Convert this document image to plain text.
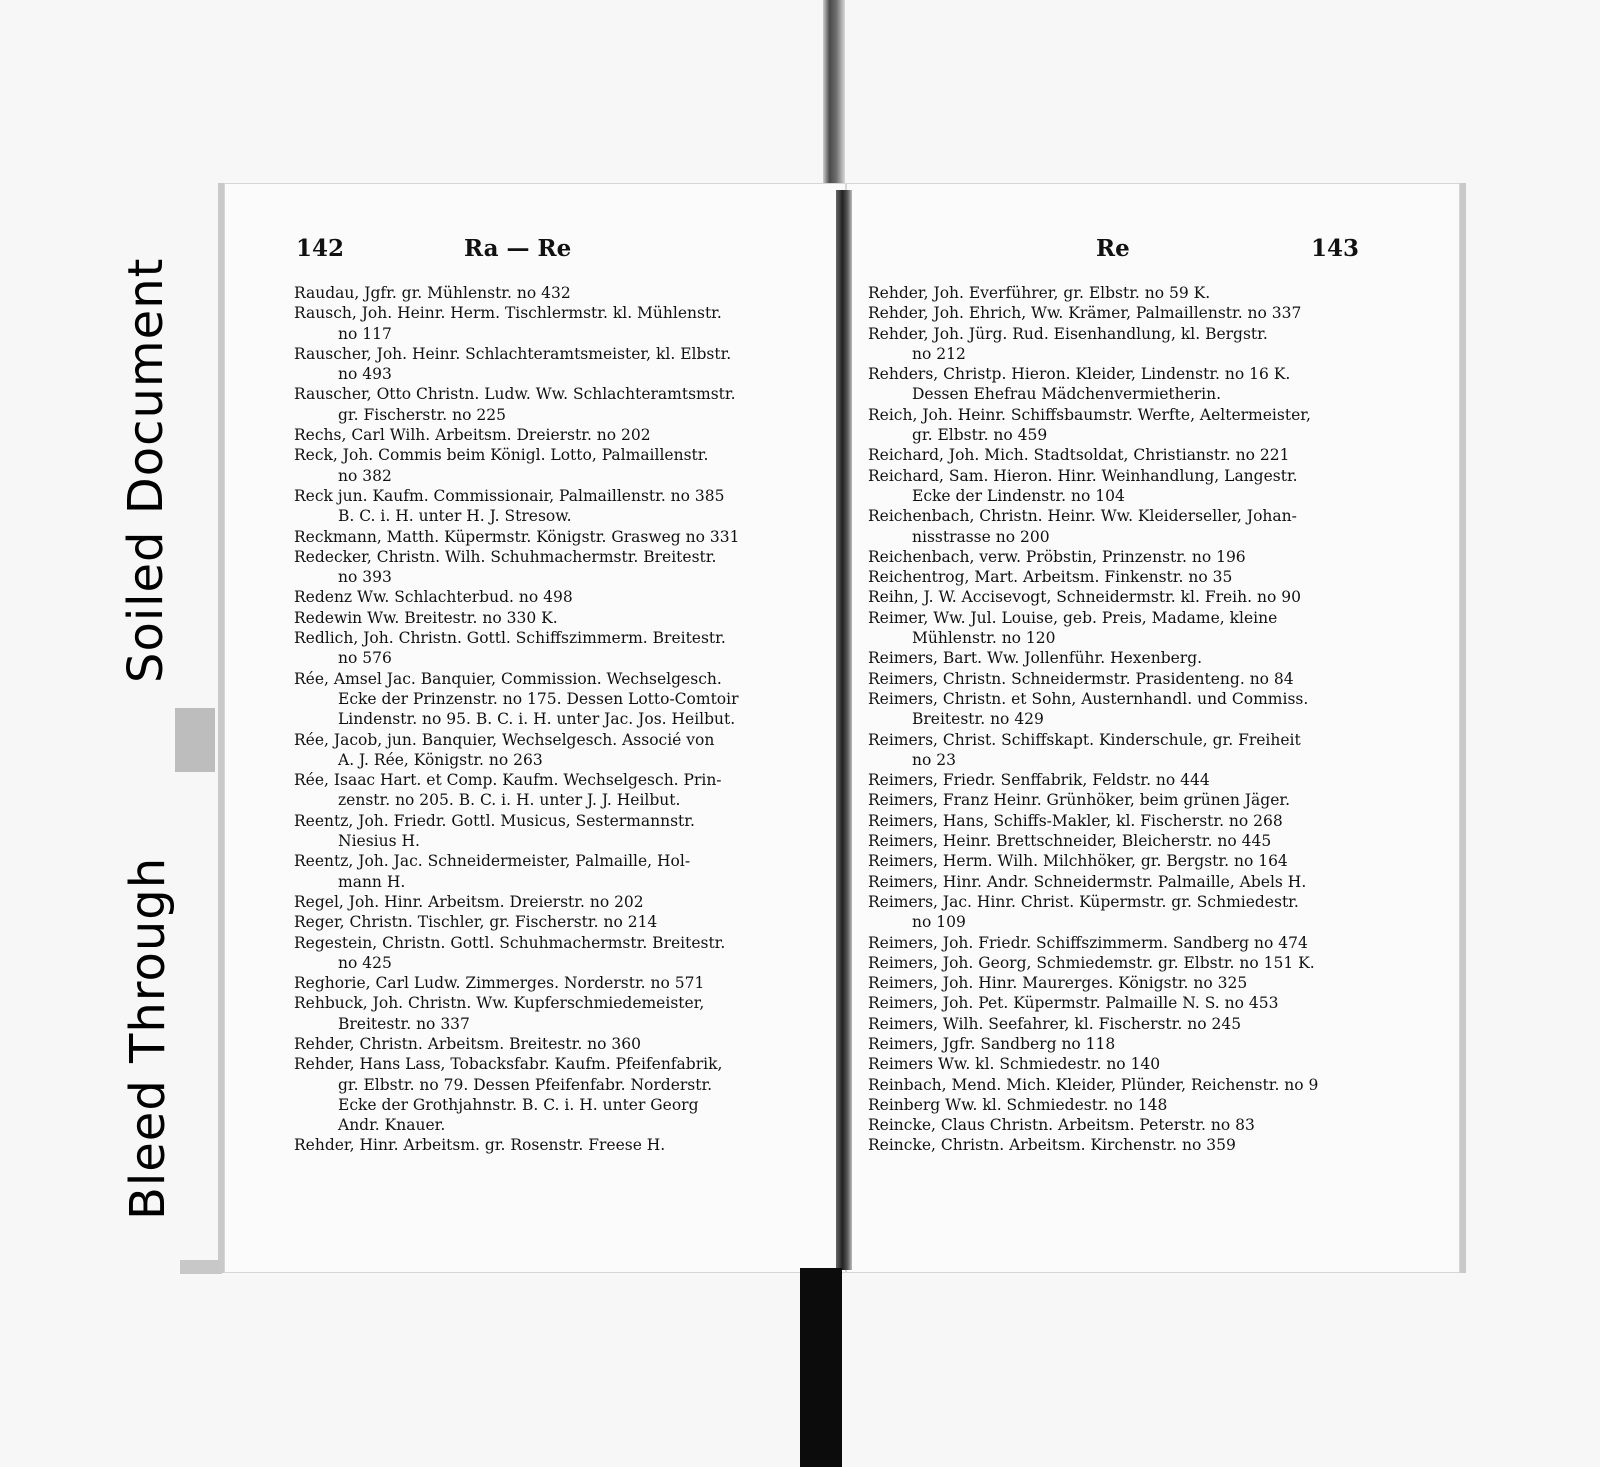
Bleed Through
Soiled Document
142	Ra — Re
Raudau, Jgfr. gr. Mühlenstr. no 432
Rausch, Joh. Heinr. Herm. Tischlermstr. kl. Mühlenstr.
no 117
Rauscher, Joh. Heinr. Schlachteramtsmeister, kl. Elbstr.
no 493
Rauscher, Otto Christn. Ludw. Ww. Schlachteramtsmstr.
gr. Fischerstr. no 225
Rechs, Carl Wilh. Arbeitsm. Dreierstr. no 202
Reck, Joh. Commis beim Königl. Lotto, Palmaillenstr.
no 382
Reck jun. Kaufm. Commissionair, Palmaillenstr. no 385
B. C. i. H. unter H. J. Stresow.
Reckmann, Matth. Küpermstr. Königstr. Grasweg no 331
Redecker, Christn. Wilh. Schuhmachermstr. Breitestr.
no 393
Redenz Ww. Schlachterbud. no 498
Redewin Ww. Breitestr. no 330 K.
Redlich, Joh. Christn. Gottl. Schiffszimmerm. Breitestr.
no 576
Rée, Amsel Jac. Banquier, Commission. Wechselgesch.
Ecke der Prinzenstr. no 175. Dessen Lotto-Comtoir
Lindenstr. no 95. B. C. i. H. unter Jac. Jos. Heilbut.
Rée, Jacob, jun. Banquier, Wechselgesch. Associé von
A. J. Rée, Königstr. no 263
Rée, Isaac Hart. et Comp. Kaufm. Wechselgesch. Prin-
zenstr. no 205. B. C. i. H. unter J. J. Heilbut.
Reentz, Joh. Friedr. Gottl. Musicus, Sestermannstr.
Niesius H.
Reentz, Joh. Jac. Schneidermeister, Palmaille, Hol-
mann H.
Regel, Joh. Hinr. Arbeitsm. Dreierstr. no 202
Reger, Christn. Tischler, gr. Fischerstr. no 214
Regestein, Christn. Gottl. Schuhmachermstr. Breitestr.
no 425
Reghorie, Carl Ludw. Zimmerges. Norderstr. no 571
Rehbuck, Joh. Christn. Ww. Kupferschmiedemeister,
Breitestr. no 337
Rehder, Christn. Arbeitsm. Breitestr. no 360
Rehder, Hans Lass, Tobacksfabr. Kaufm. Pfeifenfabrik,
gr. Elbstr. no 79. Dessen Pfeifenfabr. Norderstr.
Ecke der Grothjahnstr. B. C. i. H. unter Georg
Andr. Knauer.
Rehder, Hinr. Arbeitsm. gr. Rosenstr. Freese H.
Re	143
Rehder, Joh. Everführer, gr. Elbstr. no 59 K.
Rehder, Joh. Ehrich, Ww. Krämer, Palmaillenstr. no 337
Rehder, Joh. Jürg. Rud. Eisenhandlung, kl. Bergstr.
no 212
Rehders, Christp. Hieron. Kleider, Lindenstr. no 16 K.
Dessen Ehefrau Mädchenvermietherin.
Reich, Joh. Heinr. Schiffsbaumstr. Werfte, Aeltermeister,
gr. Elbstr. no 459
Reichard, Joh. Mich. Stadtsoldat, Christianstr. no 221
Reichard, Sam. Hieron. Hinr. Weinhandlung, Langestr.
Ecke der Lindenstr. no 104
Reichenbach, Christn. Heinr. Ww. Kleiderseller, Johan-
nisstrasse no 200
Reichenbach, verw. Pröbstin, Prinzenstr. no 196
Reichentrog, Mart. Arbeitsm. Finkenstr. no 35
Reihn, J. W. Accisevogt, Schneidermstr. kl. Freih. no 90
Reimer, Ww. Jul. Louise, geb. Preis, Madame, kleine
Mühlenstr. no 120
Reimers, Bart. Ww. Jollenführ. Hexenberg.
Reimers, Christn. Schneidermstr. Prasidenteng. no 84
Reimers, Christn. et Sohn, Austernhandl. und Commiss.
Breitestr. no 429
Reimers, Christ. Schiffskapt. Kinderschule, gr. Freiheit
no 23
Reimers, Friedr. Senffabrik, Feldstr. no 444
Reimers, Franz Heinr. Grünhöker, beim grünen Jäger.
Reimers, Hans, Schiffs-Makler, kl. Fischerstr. no 268
Reimers, Heinr. Brettschneider, Bleicherstr. no 445
Reimers, Herm. Wilh. Milchhöker, gr. Bergstr. no 164
Reimers, Hinr. Andr. Schneidermstr. Palmaille, Abels H.
Reimers, Jac. Hinr. Christ. Küpermstr. gr. Schmiedestr.
no 109
Reimers, Joh. Friedr. Schiffszimmerm. Sandberg no 474
Reimers, Joh. Georg, Schmiedemstr. gr. Elbstr. no 151 K.
Reimers, Joh. Hinr. Maurerges. Königstr. no 325
Reimers, Joh. Pet. Küpermstr. Palmaille N. S. no 453
Reimers, Wilh. Seefahrer, kl. Fischerstr. no 245
Reimers, Jgfr. Sandberg no 118
Reimers Ww. kl. Schmiedestr. no 140
Reinbach, Mend. Mich. Kleider, Plünder, Reichenstr. no 9
Reinberg Ww. kl. Schmiedestr. no 148
Reincke, Claus Christn. Arbeitsm. Peterstr. no 83
Reincke, Christn. Arbeitsm. Kirchenstr. no 359
